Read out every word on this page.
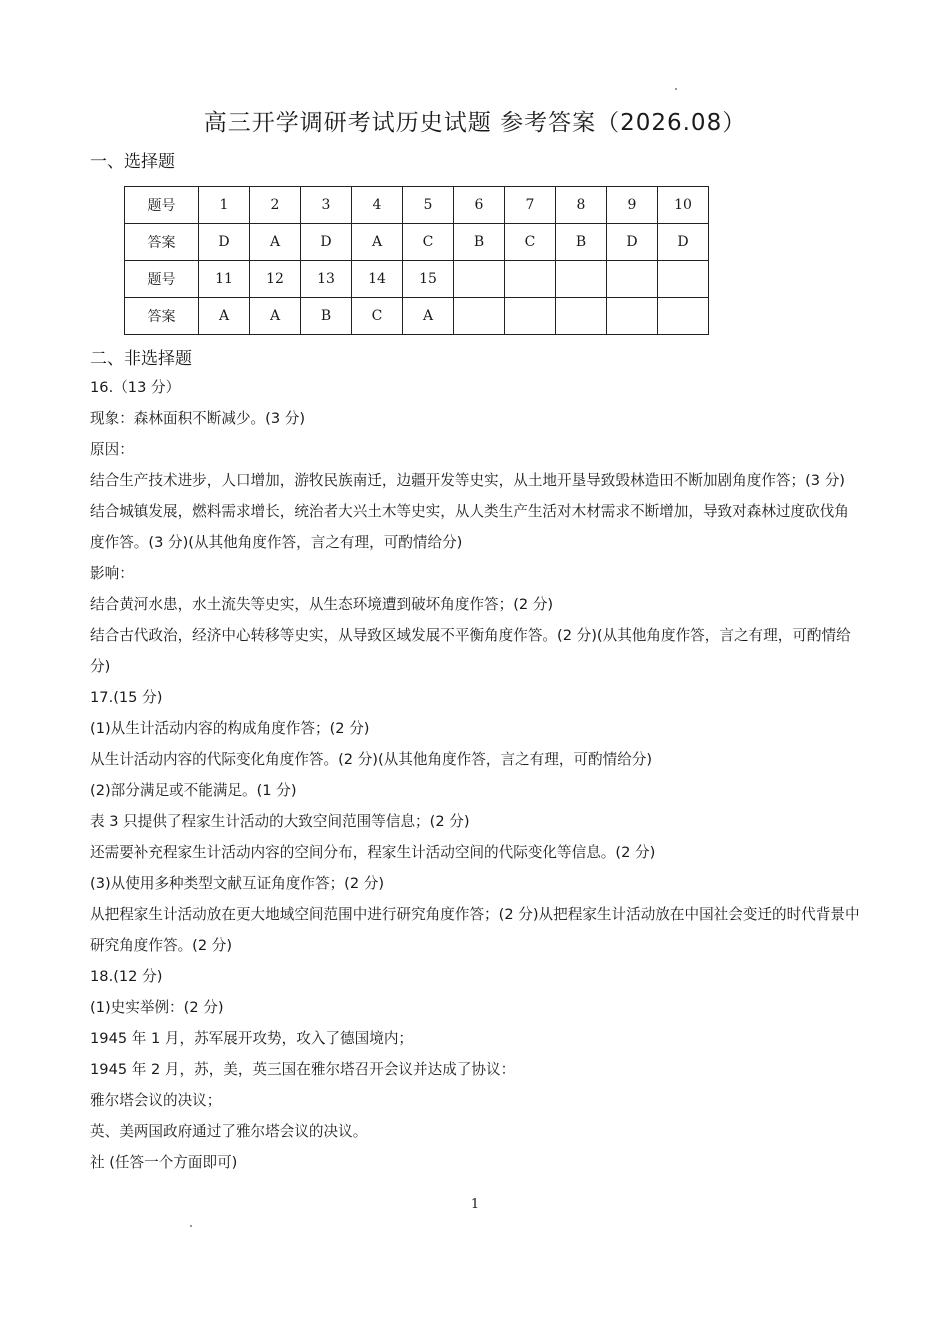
高三开学调研考试历史试题 参考答案（2026.08）
一、选择题
题号	1	2	3	4	5	6	7	8	9	10
答案	D	A	D	A	C	B	C	B	D	D
题号	11	12	13	14	15					
答案	A	A	B	C	A					
二、非选择题

16.（13 分）

现象：森林面积不断减少。(3 分)

原因：

结合生产技术进步，人口增加，游牧民族南迁，边疆开发等史实，从土地开垦导致毁林造田不断加剧角度作答；(3 分)

结合城镇发展，燃料需求增长，统治者大兴土木等史实，从人类生产生活对木材需求不断增加，导致对森林过度砍伐角度作答。(3 分)(从其他角度作答，言之有理，可酌情给分)

影响：

结合黄河水患，水土流失等史实，从生态环境遭到破坏角度作答；(2 分)

结合古代政治，经济中心转移等史实，从导致区域发展不平衡角度作答。(2 分)(从其他角度作答，言之有理，可酌情给分)

17.(15 分)

(1)从生计活动内容的构成角度作答；(2 分)

从生计活动内容的代际变化角度作答。(2 分)(从其他角度作答，言之有理，可酌情给分)

(2)部分满足或不能满足。(1 分)

表 3 只提供了程家生计活动的大致空间范围等信息；(2 分)

还需要补充程家生计活动内容的空间分布，程家生计活动空间的代际变化等信息。(2 分)

(3)从使用多种类型文献互证角度作答；(2 分)

从把程家生计活动放在更大地域空间范围中进行研究角度作答；(2 分)从把程家生计活动放在中国社会变迁的时代背景中研究角度作答。(2 分)

18.(12 分)

(1)史实举例：(2 分)

1945 年 1 月，苏军展开攻势，攻入了德国境内；

1945 年 2 月，苏，美，英三国在雅尔塔召开会议并达成了协议：

雅尔塔会议的决议；

英、美两国政府通过了雅尔塔会议的决议。

社 (任答一个方面即可)

1
